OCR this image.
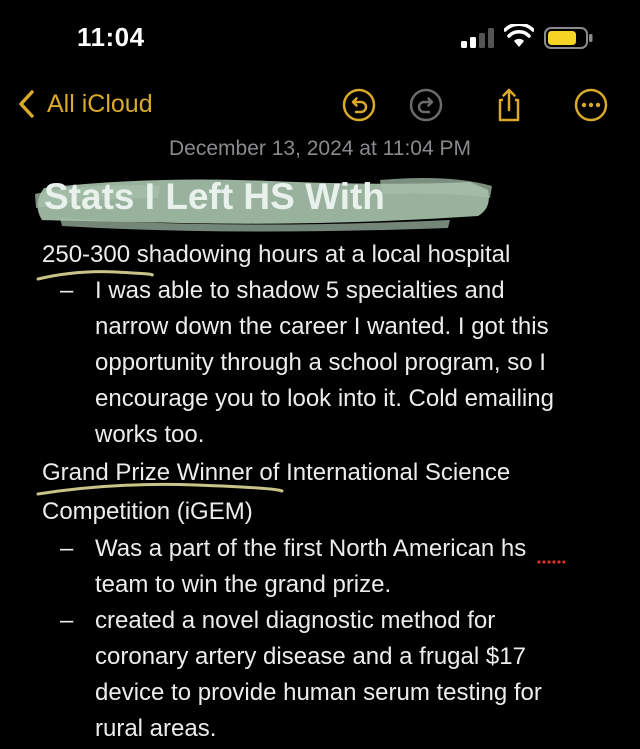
11:04
All iCloud
December 13, 2024 at 11:04 PM
Stats I Left HS With
250-300 shadowing hours at a local hospital
– I was able to shadow 5 specialties and
narrow down the career I wanted. I got this
opportunity through a school program, so I
encourage you to look into it. Cold emailing
works too.
Grand Prize Winner of International Science
Competition (iGEM)
– Was a part of the first North American hs
team to win the grand prize.
– created a novel diagnostic method for
coronary artery disease and a frugal $17
device to provide human serum testing for
rural areas.
